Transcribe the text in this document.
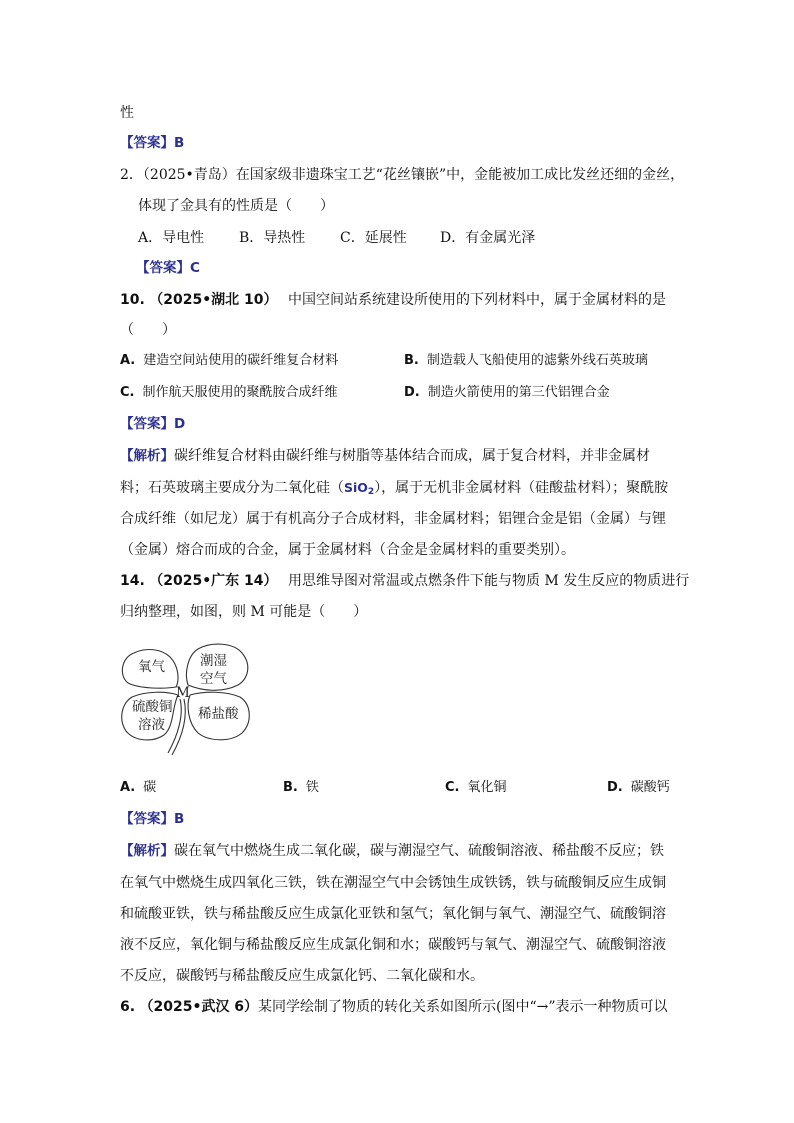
性
【答案】B
2．（2025•青岛）在国家级非遗珠宝工艺“花丝镶嵌”中，金能被加工成比发丝还细的金丝，
体现了金具有的性质是（　　）
A．导电性 B．导热性 C．延展性 D．有金属光泽
【答案】C
10. （2025•湖北 10） 中国空间站系统建设所使用的下列材料中，属于金属材料的是
（　　）
A. 建造空间站使用的碳纤维复合材料	B. 制造载人飞船使用的滤紫外线石英玻璃
C. 制作航天服使用的聚酰胺合成纤维	D. 制造火箭使用的第三代铝锂合金
【答案】D
【解析】碳纤维复合材料由碳纤维与树脂等基体结合而成，属于复合材料，并非金属材
料；石英玻璃主要成分为二氧化硅（SiO$_2$），属于无机非金属材料（硅酸盐材料）；聚酰胺
合成纤维（如尼龙）属于有机高分子合成材料，非金属材料；铝锂合金是铝（金属）与锂
（金属）熔合而成的合金，属于金属材料（合金是金属材料的重要类别）。
14. （2025•广东 14） 用思维导图对常温或点燃条件下能与物质 M 发生反应的物质进行
归纳整理，如图，则 M 可能是（　　）
氧气	潮湿
空气
M
硫酸铜
溶液
稀盐酸
A. 碳	B. 铁	C. 氧化铜	D. 碳酸钙
【答案】B
【解析】碳在氧气中燃烧生成二氧化碳，碳与潮湿空气、硫酸铜溶液、稀盐酸不反应；铁
在氧气中燃烧生成四氧化三铁，铁在潮湿空气中会锈蚀生成铁锈，铁与硫酸铜反应生成铜
和硫酸亚铁，铁与稀盐酸反应生成氯化亚铁和氢气；氧化铜与氧气、潮湿空气、硫酸铜溶
液不反应，氧化铜与稀盐酸反应生成氯化铜和水；碳酸钙与氧气、潮湿空气、硫酸铜溶液
不反应，碳酸钙与稀盐酸反应生成氯化钙、二氧化碳和水。
6. （2025•武汉 6）某同学绘制了物质的转化关系如图所示(图中“→”表示一种物质可以
